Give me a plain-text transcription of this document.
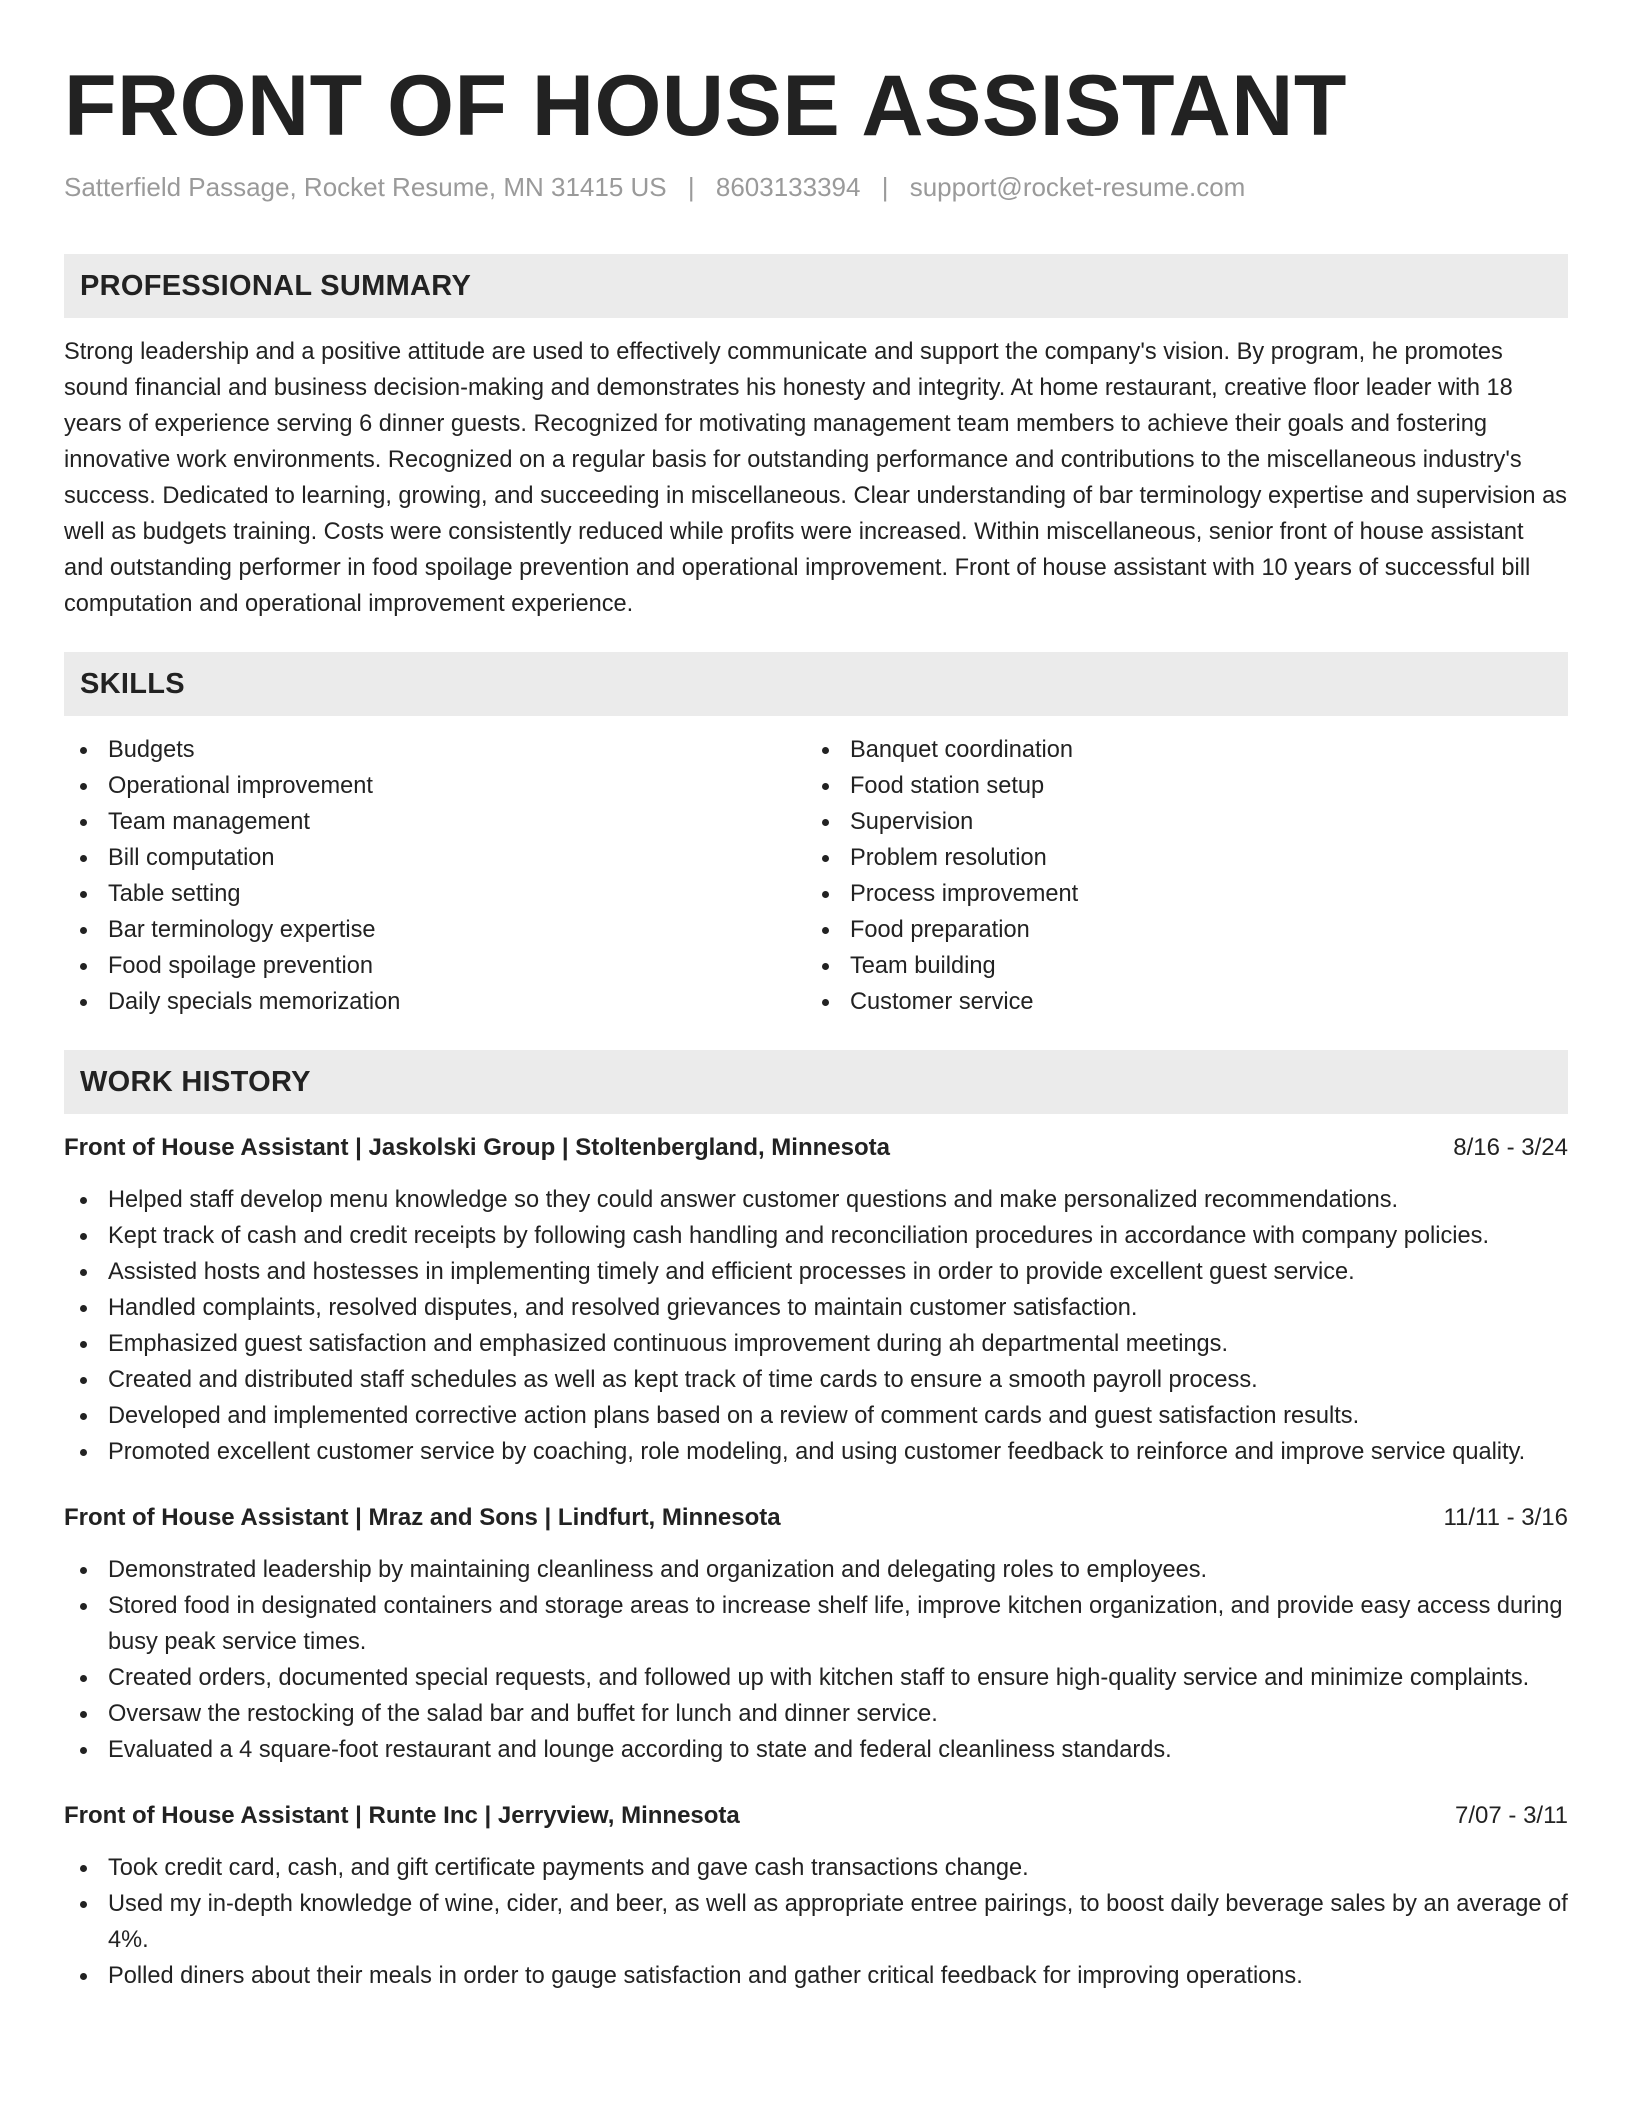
FRONT OF HOUSE ASSISTANT
Satterfield Passage, Rocket Resume, MN 31415 US | 8603133394 | support@rocket-resume.com
PROFESSIONAL SUMMARY

Strong leadership and a positive attitude are used to effectively communicate and support the company's vision. By program, he promotes sound financial and business decision-making and demonstrates his honesty and integrity. At home restaurant, creative floor leader with 18 years of experience serving 6 dinner guests. Recognized for motivating management team members to achieve their goals and fostering innovative work environments. Recognized on a regular basis for outstanding performance and contributions to the miscellaneous industry's success. Dedicated to learning, growing, and succeeding in miscellaneous. Clear understanding of bar terminology expertise and supervision as well as budgets training. Costs were consistently reduced while profits were increased. Within miscellaneous, senior front of house assistant and outstanding performer in food spoilage prevention and operational improvement. Front of house assistant with 10 years of successful bill computation and operational improvement experience.

SKILLS
Budgets
Operational improvement
Team management
Bill computation
Table setting
Bar terminology expertise
Food spoilage prevention
Daily specials memorization
Banquet coordination
Food station setup
Supervision
Problem resolution
Process improvement
Food preparation
Team building
Customer service
WORK HISTORY
Front of House Assistant | Jaskolski Group | Stoltenbergland, Minnesota	8/16 - 3/24
Helped staff develop menu knowledge so they could answer customer questions and make personalized recommendations.
Kept track of cash and credit receipts by following cash handling and reconciliation procedures in accordance with company policies.
Assisted hosts and hostesses in implementing timely and efficient processes in order to provide excellent guest service.
Handled complaints, resolved disputes, and resolved grievances to maintain customer satisfaction.
Emphasized guest satisfaction and emphasized continuous improvement during ah departmental meetings.
Created and distributed staff schedules as well as kept track of time cards to ensure a smooth payroll process.
Developed and implemented corrective action plans based on a review of comment cards and guest satisfaction results.
Promoted excellent customer service by coaching, role modeling, and using customer feedback to reinforce and improve service quality.
Front of House Assistant | Mraz and Sons | Lindfurt, Minnesota	11/11 - 3/16
Demonstrated leadership by maintaining cleanliness and organization and delegating roles to employees.
Stored food in designated containers and storage areas to increase shelf life, improve kitchen organization, and provide easy access during busy peak service times.
Created orders, documented special requests, and followed up with kitchen staff to ensure high-quality service and minimize complaints.
Oversaw the restocking of the salad bar and buffet for lunch and dinner service.
Evaluated a 4 square-foot restaurant and lounge according to state and federal cleanliness standards.
Front of House Assistant | Runte Inc | Jerryview, Minnesota	7/07 - 3/11
Took credit card, cash, and gift certificate payments and gave cash transactions change.
Used my in-depth knowledge of wine, cider, and beer, as well as appropriate entree pairings, to boost daily beverage sales by an average of 4%.
Polled diners about their meals in order to gauge satisfaction and gather critical feedback for improving operations.
